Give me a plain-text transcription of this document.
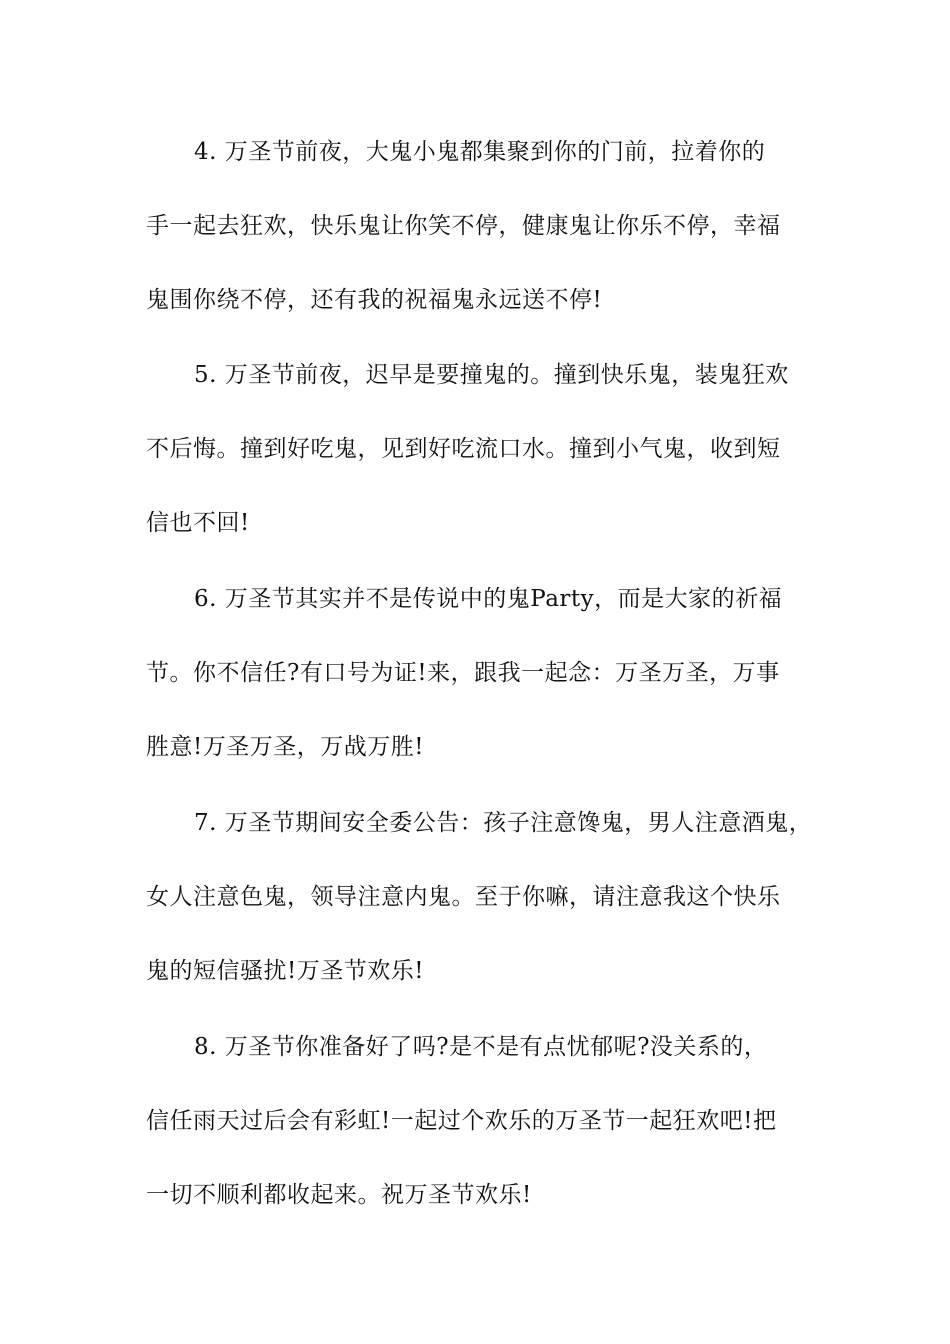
4. 万圣节前夜，大鬼小鬼都集聚到你的门前，拉着你的
手一起去狂欢，快乐鬼让你笑不停，健康鬼让你乐不停，幸福
鬼围你绕不停，还有我的祝福鬼永远送不停!
5. 万圣节前夜，迟早是要撞鬼的。撞到快乐鬼，装鬼狂欢
不后悔。撞到好吃鬼，见到好吃流口水。撞到小气鬼，收到短
信也不回!
6. 万圣节其实并不是传说中的鬼Party，而是大家的祈福
节。你不信任?有口号为证!来，跟我一起念：万圣万圣，万事
胜意!万圣万圣，万战万胜!
7. 万圣节期间安全委公告：孩子注意馋鬼，男人注意酒鬼，
女人注意色鬼，领导注意内鬼。至于你嘛，请注意我这个快乐
鬼的短信骚扰!万圣节欢乐!
8. 万圣节你准备好了吗?是不是有点忧郁呢?没关系的，
信任雨天过后会有彩虹!一起过个欢乐的万圣节一起狂欢吧!把
一切不顺利都收起来。祝万圣节欢乐!
